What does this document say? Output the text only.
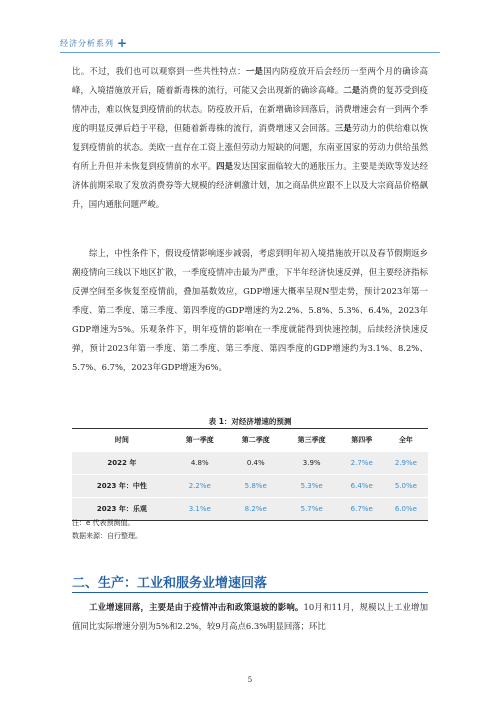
经济分析系列 +
比。不过，我们也可以观察到一些共性特点：一是国内防疫放开后会经历一至两个月的确诊高峰，入境措施放开后，随着新毒株的流行，可能又会出现新的确诊高峰。二是消费的复苏受到疫情冲击，难以恢复到疫情前的状态。防疫放开后，在新增确诊回落后，消费增速会有一到两个季度的明显反弹后趋于平稳，但随着新毒株的流行，消费增速又会回落。三是劳动力的供给难以恢复到疫情前的状态。美欧一直存在工资上涨但劳动力短缺的问题，东南亚国家的劳动力供给虽然有所上升但并未恢复到疫情前的水平。四是发达国家面临较大的通胀压力。主要是美欧等发达经济体前期采取了发放消费券等大规模的经济刺激计划，加之商品供应跟不上以及大宗商品价格飙升，国内通胀问题严峻。
综上，中性条件下，假设疫情影响逐步减弱，考虑到明年初入境措施放开以及春节假期返乡潮疫情向三线以下地区扩散，一季度疫情冲击最为严重，下半年经济快速反弹，但主要经济指标反弹空间至多恢复至疫情前，叠加基数效应，GDP增速大概率呈现N型走势，预计2023年第一季度、第二季度、第三季度、第四季度的GDP增速约为2.2%、5.8%、5.3%、6.4%，2023年GDP增速为5%。乐观条件下，明年疫情的影响在一季度就能得到快速控制，后续经济快速反弹，预计2023年第一季度、第二季度、第三季度、第四季度的GDP增速约为3.1%、8.2%、5.7%、6.7%，2023年GDP增速为6%。
表 1：对经济增速的预测
时间	第一季度	第二季度	第三季度	第四季	全年
2022 年	4.8%	0.4%	3.9%	2.7%e	2.9%e
2023 年：中性	2.2%e	5.8%e	5.3%e	6.4%e	5.0%e
2023 年：乐观	3.1%e	8.2%e	5.7%e	6.7%e	6.0%e
注：e 代表预测值。
数据来源：自行整理。
二、生产：工业和服务业增速回落
工业增速回落，主要是由于疫情冲击和政策退坡的影响。10月和11月，规模以上工业增加值同比实际增速分别为5%和2.2%，较9月高点6.3%明显回落；环比
5
